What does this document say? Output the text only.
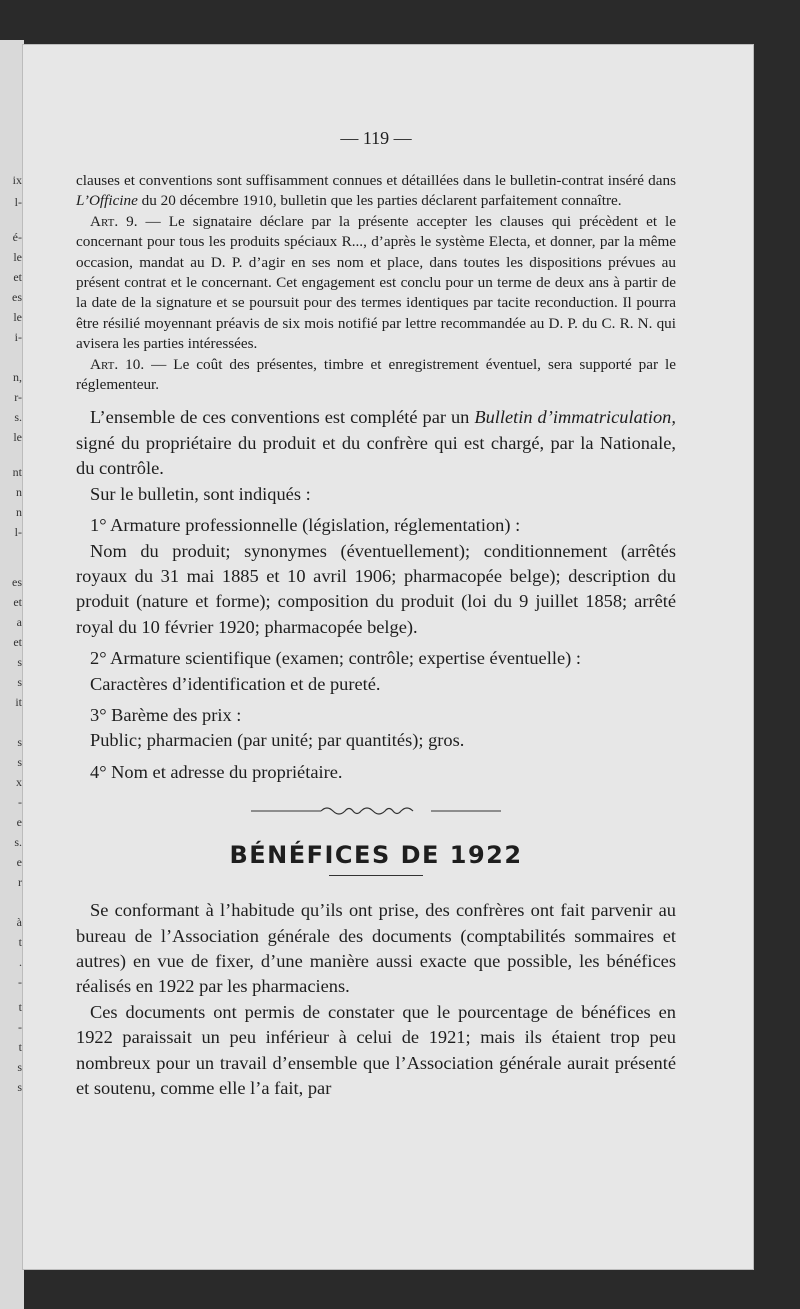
ix
l-
é-
le
et
es
le
i-
n,
r-
s.
le
nt
n
n
l-
es
et
a
et
s
s
it
s
s
x
-
e
s.
e
r
à
t
.
-
t
-
t
s
s
— 119 —

clauses et conventions sont suffisamment connues et détaillées dans le bulletin-contrat inséré dans L’Officine du 20 décembre 1910, bulletin que les parties déclarent parfaitement connaître.

Art. 9. — Le signataire déclare par la présente accepter les clauses qui précèdent et le concernant pour tous les produits spéciaux R..., d’après le système Electa, et donner, par la même occasion, mandat au D. P. d’agir en ses nom et place, dans toutes les dispositions prévues au présent contrat et le concernant. Cet engagement est conclu pour un terme de deux ans à partir de la date de la signature et se poursuit pour des termes identiques par tacite reconduction. Il pourra être résilié moyennant préavis de six mois notifié par lettre recommandée au D. P. du C. R. N. qui avisera les parties intéressées.

Art. 10. — Le coût des présentes, timbre et enregistrement éventuel, sera supporté par le réglementeur.

L’ensemble de ces conventions est complété par un Bulletin d’immatriculation, signé du propriétaire du produit et du confrère qui est chargé, par la Nationale, du contrôle.

Sur le bulletin, sont indiqués :

1° Armature professionnelle (législation, réglementation) :

Nom du produit; synonymes (éventuellement); conditionnement (arrêtés royaux du 31 mai 1885 et 10 avril 1906; pharmacopée belge); description du produit (nature et forme); composition du produit (loi du 9 juillet 1858; arrêté royal du 10 février 1920; pharmacopée belge).

2° Armature scientifique (examen; contrôle; expertise éventuelle) :

Caractères d’identification et de pureté.

3° Barème des prix :

Public; pharmacien (par unité; par quantités); gros.

4° Nom et adresse du propriétaire.

BÉNÉFICES DE 1922

Se conformant à l’habitude qu’ils ont prise, des confrères ont fait parvenir au bureau de l’Association générale des documents (comptabilités sommaires et autres) en vue de fixer, d’une manière aussi exacte que possible, les bénéfices réalisés en 1922 par les pharmaciens.

Ces documents ont permis de constater que le pourcentage de bénéfices en 1922 paraissait un peu inférieur à celui de 1921; mais ils étaient trop peu nombreux pour un travail d’ensemble que l’Association générale aurait présenté et soutenu, comme elle l’a fait, par
